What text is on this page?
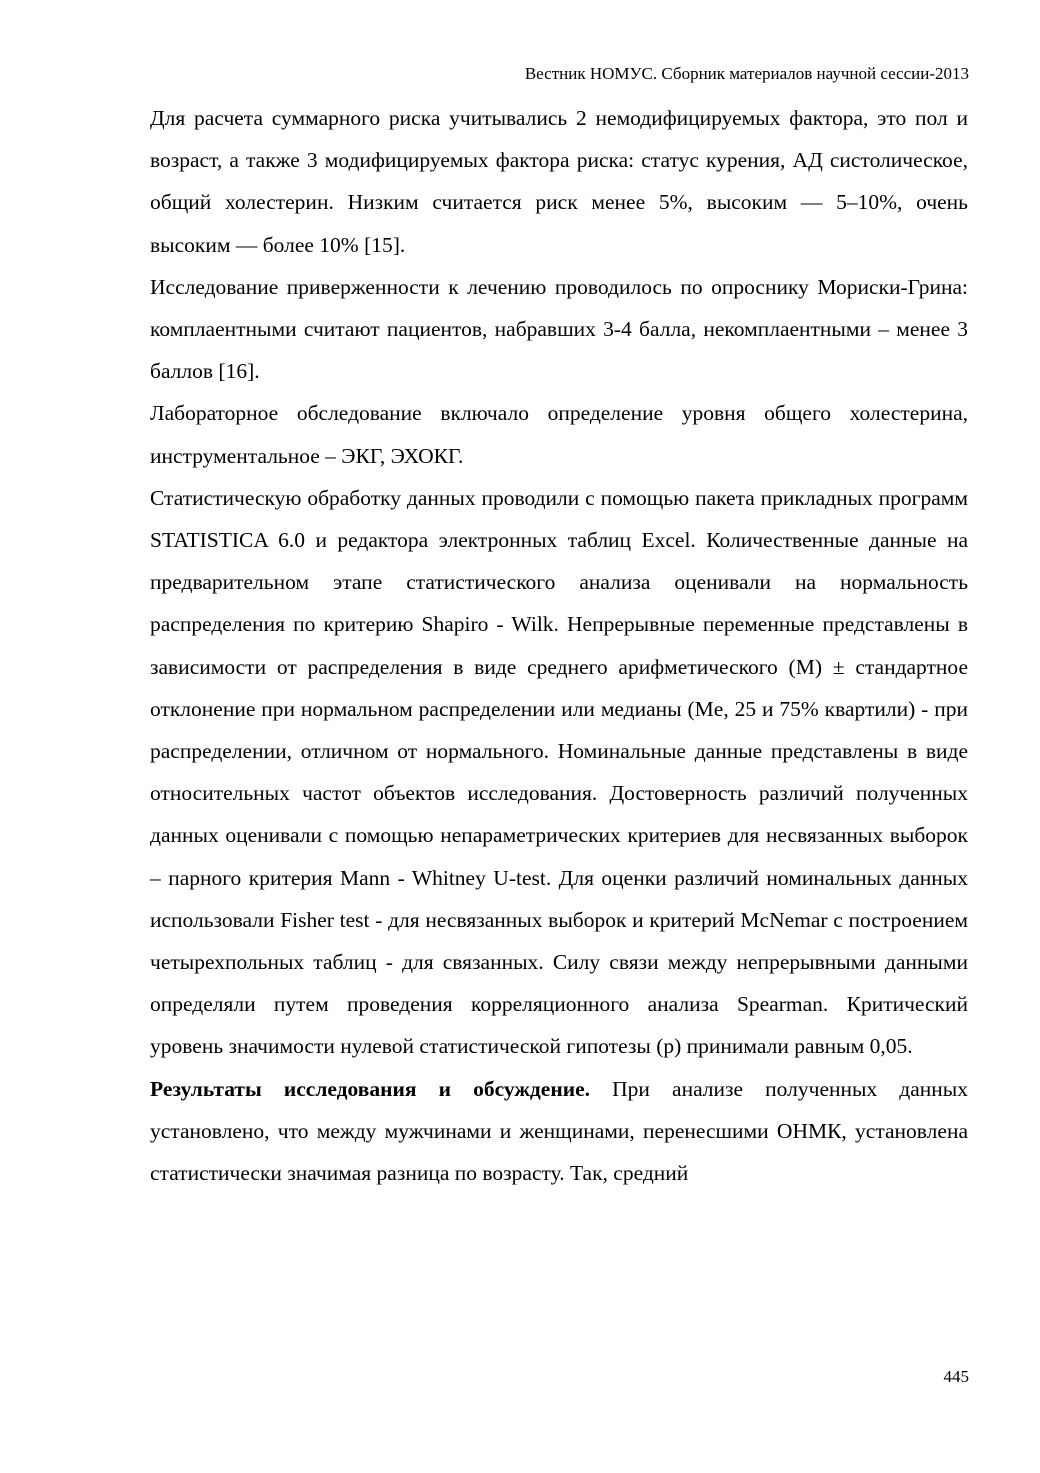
Вестник НОМУС. Сборник материалов научной сессии-2013

Для расчета суммарного риска учитывались 2 немодифицируемых фактора, это пол и возраст, а также 3 модифицируемых фактора риска: статус курения, АД систолическое, общий холестерин. Низким считается риск менее 5%, высоким — 5–10%, очень высоким — более 10% [15].

Исследование приверженности к лечению проводилось по опроснику Мориски-Грина: комплаентными считают пациентов, набравших 3-4 балла, некомплаентными – менее 3 баллов [16].

Лабораторное обследование включало определение уровня общего холестерина, инструментальное – ЭКГ, ЭХОКГ.

Статистическую обработку данных проводили с помощью пакета прикладных программ STATISTICA 6.0 и редактора электронных таблиц Excel. Количественные данные на предварительном этапе статистического анализа оценивали на нормальность распределения по критерию Shapiro - Wilk. Непрерывные переменные представлены в зависимости от распределения в виде среднего арифметического (M) ± стандартное отклонение при нормальном распределении или медианы (Me, 25 и 75% квартили) - при распределении, отличном от нормального. Номинальные данные представлены в виде относительных частот объектов исследования. Достоверность различий полученных данных оценивали с помощью непараметрических критериев для несвязанных выборок – парного критерия Mann - Whitney U-test. Для оценки различий номинальных данных использовали Fisher test - для несвязанных выборок и критерий McNemar с построением четырехпольных таблиц - для связанных. Силу связи между непрерывными данными определяли путем проведения корреляционного анализа Spearman. Критический уровень значимости нулевой статистической гипотезы (р) принимали равным 0,05.

Результаты исследования и обсуждение. При анализе полученных данных установлено, что между мужчинами и женщинами, перенесшими ОНМК, установлена статистически значимая разница по возрасту. Так, средний

445
